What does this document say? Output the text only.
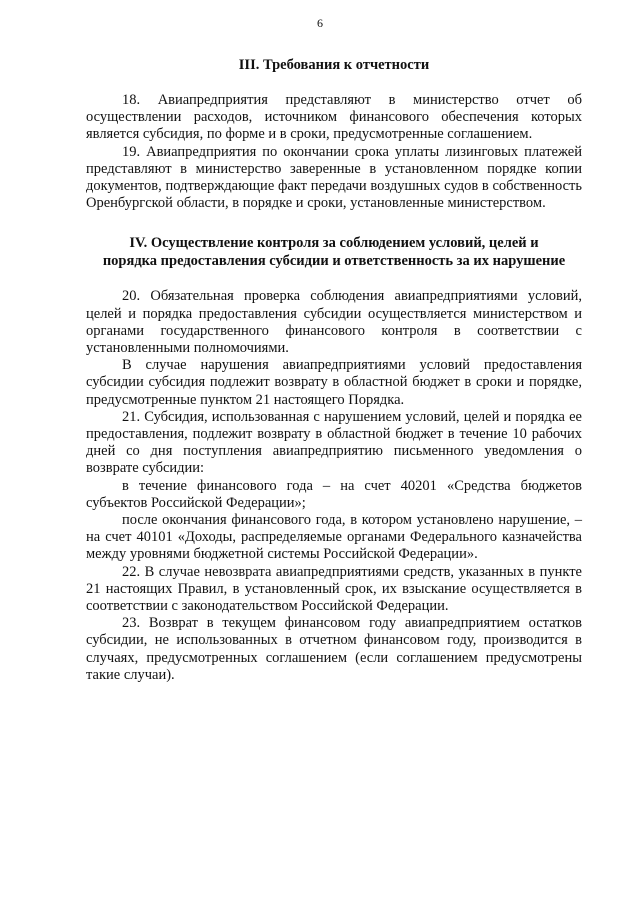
6
III. Требования к отчетности

18. Авиапредприятия представляют в министерство отчет об осуществлении расходов, источником финансового обеспечения которых является субсидия, по форме и в сроки, предусмотренные соглашением.

19. Авиапредприятия по окончании срока уплаты лизинговых платежей представляют в министерство заверенные в установленном порядке копии документов, подтверждающие факт передачи воздушных судов в собственность Оренбургской области, в порядке и сроки, установленные министерством.

IV. Осуществление контроля за соблюдением условий, целей и
порядка предоставления субсидии и ответственность за их нарушение

20. Обязательная проверка соблюдения авиапредприятиями условий, целей и порядка предоставления субсидии осуществляется министерством и органами государственного финансового контроля в соответствии с установленными полномочиями.

В случае нарушения авиапредприятиями условий предоставления субсидии субсидия подлежит возврату в областной бюджет в сроки и порядке, предусмотренные пунктом 21 настоящего Порядка.

21. Субсидия, использованная с нарушением условий, целей и порядка ее предоставления, подлежит возврату в областной бюджет в течение 10 рабочих дней со дня поступления авиапредприятию письменного уведомления о возврате субсидии:

в течение финансового года – на счет 40201 «Средства бюджетов субъектов Российской Федерации»;

после окончания финансового года, в котором установлено нарушение, – на счет 40101 «Доходы, распределяемые органами Федерального казначейства между уровнями бюджетной системы Российской Федерации».

22. В случае невозврата авиапредприятиями средств, указанных в пункте 21 настоящих Правил, в установленный срок, их взыскание осуществляется в соответствии с законодательством Российской Федерации.

23. Возврат в текущем финансовом году авиапредприятием остатков субсидии, не использованных в отчетном финансовом году, производится в случаях, предусмотренных соглашением (если соглашением предусмотрены такие случаи).
